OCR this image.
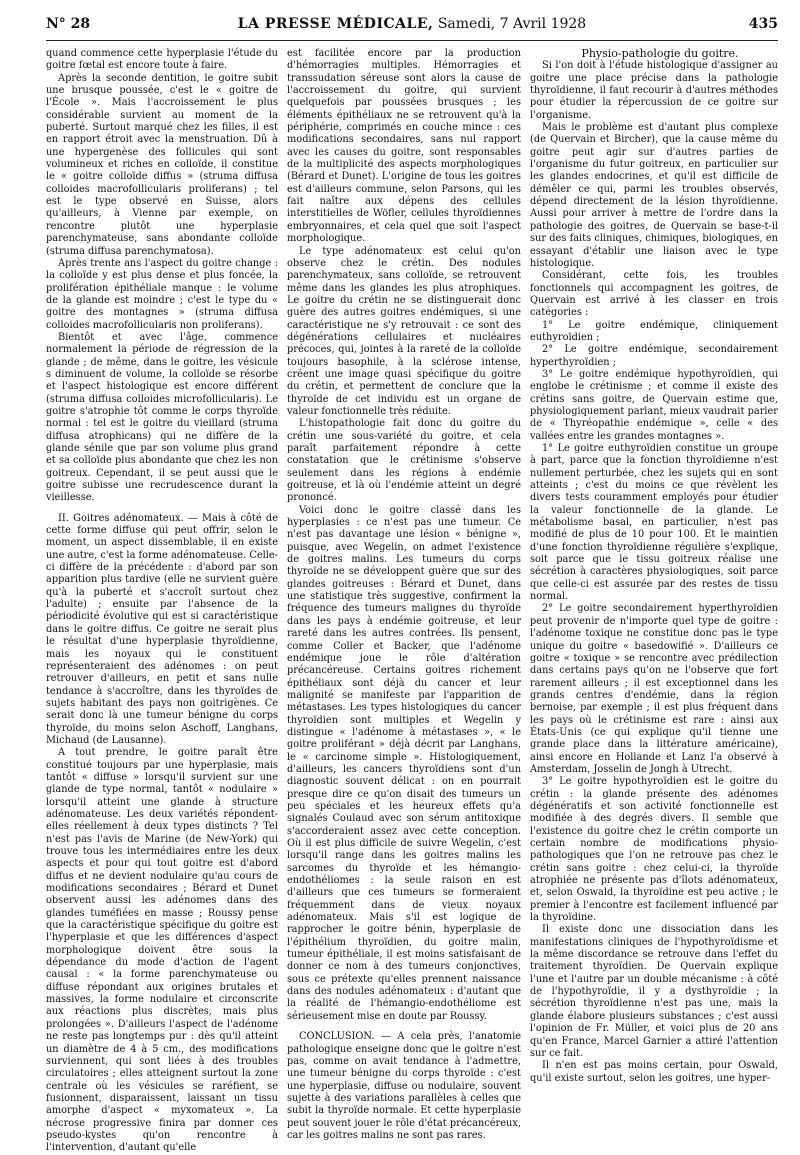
N° 28	LA PRESSE MÉDICALE, Samedi, 7 Avril 1928	435

quand commence cette hyperplasie l'étude du goitre fœtal est encore toute à faire.

Après la seconde dentition, le goitre subit une brusque poussée, c'est le « goitre de l'École ». Mais l'accroissement le plus considérable survient au moment de la puberté. Surtout marqué chez les filles, il est en rapport étroit avec la menstruation. Dû à une hypergenèse des follicules qui sont volumineux et riches en colloïde, il constitue le « goitre colloïde diffus » (struma diffusa colloides macrofollicularis proliferans) ; tel est le type observé en Suisse, alors qu'ailleurs, à Vienne par exemple, on rencontre plutôt une hyperplasie parenchymateuse, sans abondante colloïde (struma diffusa parenchymatosa).

Après trente ans l'aspect du goitre change : la colloïde y est plus dense et plus foncée, la prolifération épithéliale manque : le volume de la glande est moindre ; c'est le type du « goitre des montagnes » (struma diffusa colloides macrofollicularis non proliferans).

Bientôt et avec l'âge, commence normalement la période de régression de la glande ; de même, dans le goitre, les vésicule s diminuent de volume, la colloïde se résorbe et l'aspect histologique est encore différent (struma diffusa colloides microfollicularis). Le goitre s'atrophie tôt comme le corps thyroïde normal : tel est le goitre du vieillard (struma diffusa atrophicans) qui ne diffère de la glande sénile que par son volume plus grand et sa colloïde plus abondante que chez les non goitreux. Cependant, il se peut aussi que le goitre subisse une recrudescence durant la vieillesse.

II. Goitres adénomateux. — Mais à côté de cette forme diffuse qui peut offrir, selon le moment, un aspect dissemblable, il en existe une autre, c'est la forme adénomateuse. Celle-ci diffère de la précédente : d'abord par son apparition plus tardive (elle ne survient guère qu'à la puberté et s'accroît surtout chez l'adulte) ; ensuite par l'absence de la périodicité évolutive qui est si caractéristique dans le goitre diffus. Ce goitre ne serait plus le résultat d'une hyperplasie thyroïdienne, mais les noyaux qui le constituent représenteraient des adénomes : on peut retrouver d'ailleurs, en petit et sans nulle tendance à s'accroître, dans les thyroïdes de sujets habitant des pays non goitrigènes. Ce serait donc là une tumeur bénigne du corps thyroïde, du moins selon Aschoff, Langhans, Michaud (de Lausanne).

A tout prendre, le goitre paraît être constitué toujours par une hyperplasie, mais tantôt « diffuse » lorsqu'il survient sur une glande de type normal, tantôt « nodulaire » lorsqu'il atteint une glande à structure adénomateuse. Les deux variétés répondent-elles réellement à deux types distincts ? Tel n'est pas l'avis de Marine (de New-York) qui trouve tous les intermédiaires entre les deux aspects et pour qui tout goitre est d'abord diffus et ne devient nodulaire qu'au cours de modifications secondaires ; Bérard et Dunet observent aussi les adénomes dans des glandes tuméfiées en masse ; Roussy pense que la caractéristique spécifique du goitre est l'hyperplasie et que les différences d'aspect morphologique doivent être sous la dépendance du mode d'action de l'agent causal : « la forme parenchymateuse ou diffuse répondant aux origines brutales et massives, la forme nodulaire et circonscrite aux réactions plus discrètes, mais plus prolongées ». D'ailleurs l'aspect de l'adénome ne reste pas longtemps pur : dès qu'il atteint un diamètre de 4 à 5 cm., des modifications surviennent, qui sont liées à des troubles circulatoires ; elles atteignent surtout la zone centrale où les vésicules se raréfient, se fusionnent, disparaissent, laissant un tissu amorphe d'aspect « myxomateux ». La nécrose progressive finira par donner ces pseudo-kystes qu'on rencontre à l'intervention, d'autant qu'elle

est facilitée encore par la production d'hémorragies multiples. Hémorragies et transsudation séreuse sont alors la cause de l'accroissement du goitre, qui survient quelquefois par poussées brusques ; les éléments épithéliaux ne se retrouvent qu'à la périphérie, comprimés en couche mince : ces modifications secondaires, sans nul rapport avec les causes du goitre, sont responsables de la multiplicité des aspects morphologiques (Bérard et Dunet). L'origine de tous les goitres est d'ailleurs commune, selon Parsons, qui les fait naître aux dépens des cellules interstitielles de Wöfler, cellules thyroïdiennes embryonnaires, et cela quel que soit l'aspect morphologique.

Le type adénomateux est celui qu'on observe chez le crétin. Des nodules parenchymateux, sans colloïde, se retrouvent même dans les glandes les plus atrophiques. Le goitre du crétin ne se distinguerait donc guère des autres goitres endémiques, si une caractéristique ne s'y retrouvait : ce sont des dégénérations cellulaires et nucléaires précoces, qui, jointes à la rareté de la colloïde toujours basophile, à la sclérose intense, créent une image quasi spécifique du goitre du crétin, et permettent de conclure que la thyroïde de cet individu est un organe de valeur fonctionnelle très réduite.

L'histopathologie fait donc du goitre du crétin une sous-variété du goitre, et cela paraît parfaitement répondre à cette constatation que le crétinisme s'observe seulement dans les régions à endémie goitreuse, et là où l'endémie atteint un degré prononcé.

Voici donc le goitre classé dans les hyperplasies : ce n'est pas une tumeur. Ce n'est pas davantage une lésion « bénigne », puisque, avec Wegelin, on admet l'existence de goitres malins. Les tumeurs du corps thyroïde ne se développent guère que sur des glandes goitreuses : Bérard et Dunet, dans une statistique très suggestive, confirment la fréquence des tumeurs malignes du thyroïde dans les pays à endémie goitreuse, et leur rareté dans les autres contrées. Ils pensent, comme Coller et Backer, que l'adénome endémique joue le rôle d'altération précancéreuse. Certains goitres richement épithéliaux sont déjà du cancer et leur malignité se manifeste par l'apparition de métastases. Les types histologiques du cancer thyroïdien sont multiples et Wegelin y distingue « l'adénome à métastases », « le goitre proliférant » déjà décrit par Langhans, le « carcinome simple ». Histologiquement, d'ailleurs, les cancers thyroïdiens sont d'un diagnostic souvent délicat : on en pourrait presque dire ce qu'on disait des tumeurs un peu spéciales et les heureux effets qu'a signalés Coulaud avec son sérum antitoxique s'accorderaient assez avec cette conception. Où il est plus difficile de suivre Wegelin, c'est lorsqu'il range dans les goitres malins les sarcomes du thyroïde et les hémangio-endothéliomes : la seule raison en est d'ailleurs que ces tumeurs se formeraient fréquemment dans de vieux noyaux adénomateux. Mais s'il est logique de rapprocher le goitre bénin, hyperplasie de l'épithélium thyroïdien, du goitre malin, tumeur épithéliale, il est moins satisfaisant de donner ce nom à des tumeurs conjonctives, sous ce prétexte qu'elles prennent naissance dans des nodules adénomateux : d'autant que la réalité de l'hémangio-endothéliome est sérieusement mise en doute par Roussy.

CONCLUSION. — A cela près, l'anatomie pathologique enseigne donc que le goitre n'est pas, comme on avait tendance à l'admettre, une tumeur bénigne du corps thyroïde : c'est une hyperplasie, diffuse ou nodulaire, souvent sujette à des variations parallèles à celles que subit la thyroïde normale. Et cette hyperplasie peut souvent jouer le rôle d'état précancéreux, car les goitres malins ne sont pas rares.

Physio-pathologie du goitre.

Si l'on doit à l'étude histologique d'assigner au goitre une place précise dans la pathologie thyroïdienne, il faut recourir à d'autres méthodes pour étudier la répercussion de ce goitre sur l'organisme.

Mais le problème est d'autant plus complexe (de Quervain et Bircher), que la cause même du goitre peut agir sur d'autres parties de l'organisme du futur goitreux, en particulier sur les glandes endocrines, et qu'il est difficile de démêler ce qui, parmi les troubles observés, dépend directement de la lésion thyroïdienne. Aussi pour arriver à mettre de l'ordre dans la pathologie des goitres, de Quervain se base-t-il sur des faits cliniques, chimiques, biologiques, en essayant d'établir une liaison avec le type histologique.

Considérant, cette fois, les troubles fonctionnels qui accompagnent les goitres, de Quervain est arrivé à les classer en trois catégories :

1° Le goitre endémique, cliniquement euthyroïdien ;

2° Le goitre endémique, secondairement hyperthyroïdien ;

3° Le goitre endémique hypothyroïdien, qui englobe le crétinisme ; et comme il existe des crétins sans goitre, de Quervain estime que, physiologiquement parlant, mieux vaudrait parler de « Thyréopathie endémique », celle « des vallées entre les grandes montagnes ».

1° Le goitre euthyroïdien constitue un groupe à part, parce que la fonction thyroïdienne n'est nullement perturbée, chez les sujets qui en sont atteints ; c'est du moins ce que révèlent les divers tests couramment employés pour étudier la valeur fonctionnelle de la glande. Le métabolisme basal, en particulier, n'est pas modifié de plus de 10 pour 100. Et le maintien d'une fonction thyroïdienne régulière s'explique, soit parce que le tissu goitreux réalise une sécrétion à caractères physiologiques, soit parce que celle-ci est assurée par des restes de tissu normal.

2° Le goitre secondairement hyperthyroïdien peut provenir de n'importe quel type de goitre : l'adénome toxique ne constitue donc pas le type unique du goitre « basedowifié ». D'ailleurs ce goitre « toxique » se rencontre avec prédilection dans certains pays qu'on ne l'observe que fort rarement ailleurs ; il est exceptionnel dans les grands centres d'endémie, dans la région bernoise, par exemple ; il est plus fréquent dans les pays où le crétinisme est rare : ainsi aux États-Unis (ce qui explique qu'il tienne une grande place dans la littérature américaine), ainsi encore en Hollande et Lanz l'a observé à Amsterdam, Josselin de Jongh à Utrecht.

3° Le goitre hypothyroïdien est le goitre du crétin : la glande présente des adénomes dégénératifs et son activité fonctionnelle est modifiée à des degrés divers. Il semble que l'existence du goitre chez le crétin comporte un certain nombre de modifications physio-pathologiques que l'on ne retrouve pas chez le crétin sans goitre : chez celui-ci, la thyroïde atrophiée ne présente pas d'îlots adénomateux, et, selon Oswald, la thyroïdine est peu active ; le premier à l'encontre est facilement influencé par la thyroïdine.

Il existe donc une dissociation dans les manifestations cliniques de l'hypothyroïdisme et la même discordance se retrouve dans l'effet du traitement thyroïdien. De Quervain explique l'une et l'autre par un double mécanisme : à côté de l'hypothyroïdie, il y a dysthyroïdie ; la sécrétion thyroïdienne n'est pas une, mais la glande élabore plusieurs substances ; c'est aussi l'opinion de Fr. Müller, et voici plus de 20 ans qu'en France, Marcel Garnier a attiré l'attention sur ce fait.

Il n'en est pas moins certain, pour Oswald, qu'il existe surtout, selon les goitres, une hyper-
